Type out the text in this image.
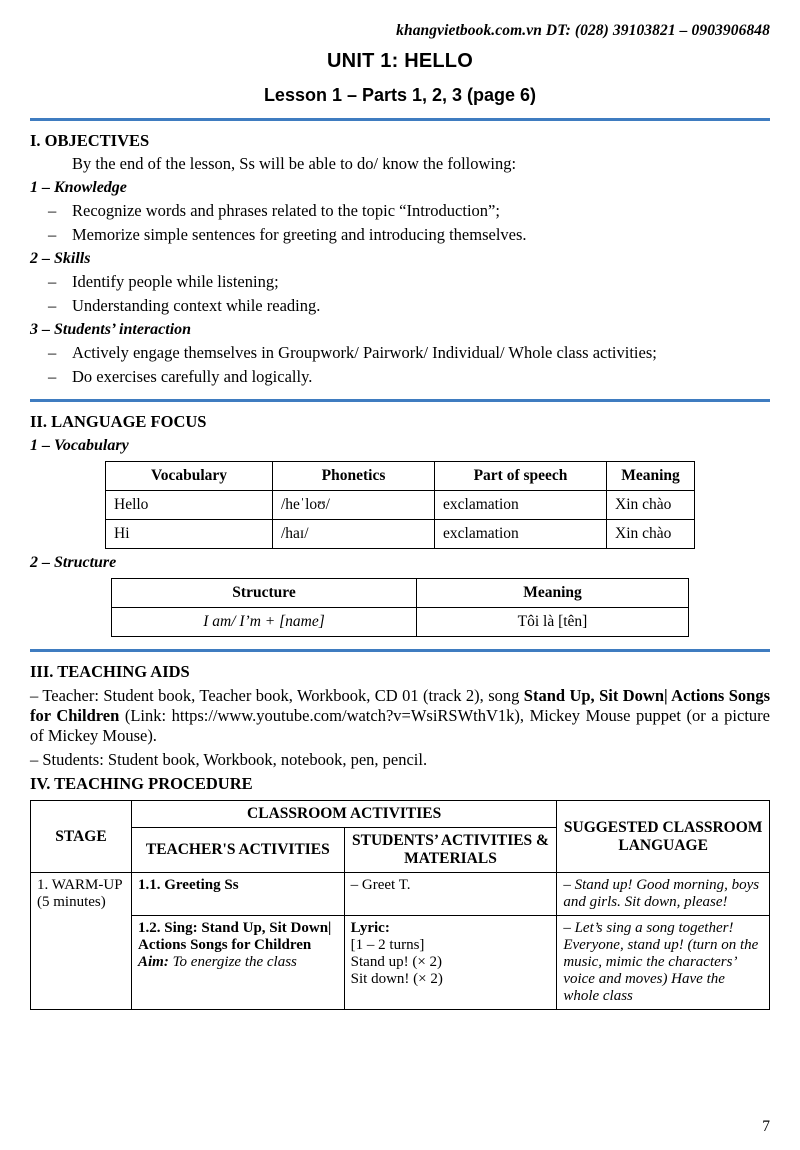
khangvietbook.com.vn DT: (028) 39103821 – 0903906848
UNIT 1: HELLO
Lesson 1 – Parts 1, 2, 3 (page 6)
I. OBJECTIVES
By the end of the lesson, Ss will be able to do/ know the following:
1 – Knowledge
– Recognize words and phrases related to the topic “Introduction”;
– Memorize simple sentences for greeting and introducing themselves.
2 – Skills
– Identify people while listening;
– Understanding context while reading.
3 – Students’ interaction
– Actively engage themselves in Groupwork/ Pairwork/ Individual/ Whole class activities;
– Do exercises carefully and logically.
II. LANGUAGE FOCUS
1 – Vocabulary
Vocabulary	Phonetics	Part of speech	Meaning
Hello	/heˈloʊ/	exclamation	Xin chào
Hi	/haɪ/	exclamation	Xin chào
2 – Structure
Structure	Meaning
I am/ I’m + [name]	Tôi là [tên]
III. TEACHING AIDS
– Teacher: Student book, Teacher book, Workbook, CD 01 (track 2), song Stand Up, Sit Down| Actions Songs for Children (Link: https://www.youtube.com/watch?v=WsiRSWthV1k), Mickey Mouse puppet (or a picture of Mickey Mouse).
– Students: Student book, Workbook, notebook, pen, pencil.
IV. TEACHING PROCEDURE
STAGE	CLASSROOM ACTIVITIES		SUGGESTED CLASSROOM LANGUAGE
	TEACHER'S ACTIVITIES	STUDENTS’ ACTIVITIES & MATERIALS	
1. WARM-UP (5 minutes)	1.1. Greeting Ss	– Greet T.	– Stand up! Good morning, boys and girls. Sit down, please!

	1.2. Sing: Stand Up, Sit Down| Actions Songs for Children
Aim: To energize the class	Lyric:
[1 – 2 turns]
Stand up! (× 2)
Sit down! (× 2)	– Let’s sing a song together! Everyone, stand up! (turn on the music, mimic the characters’ voice and moves) Have the whole class
7
